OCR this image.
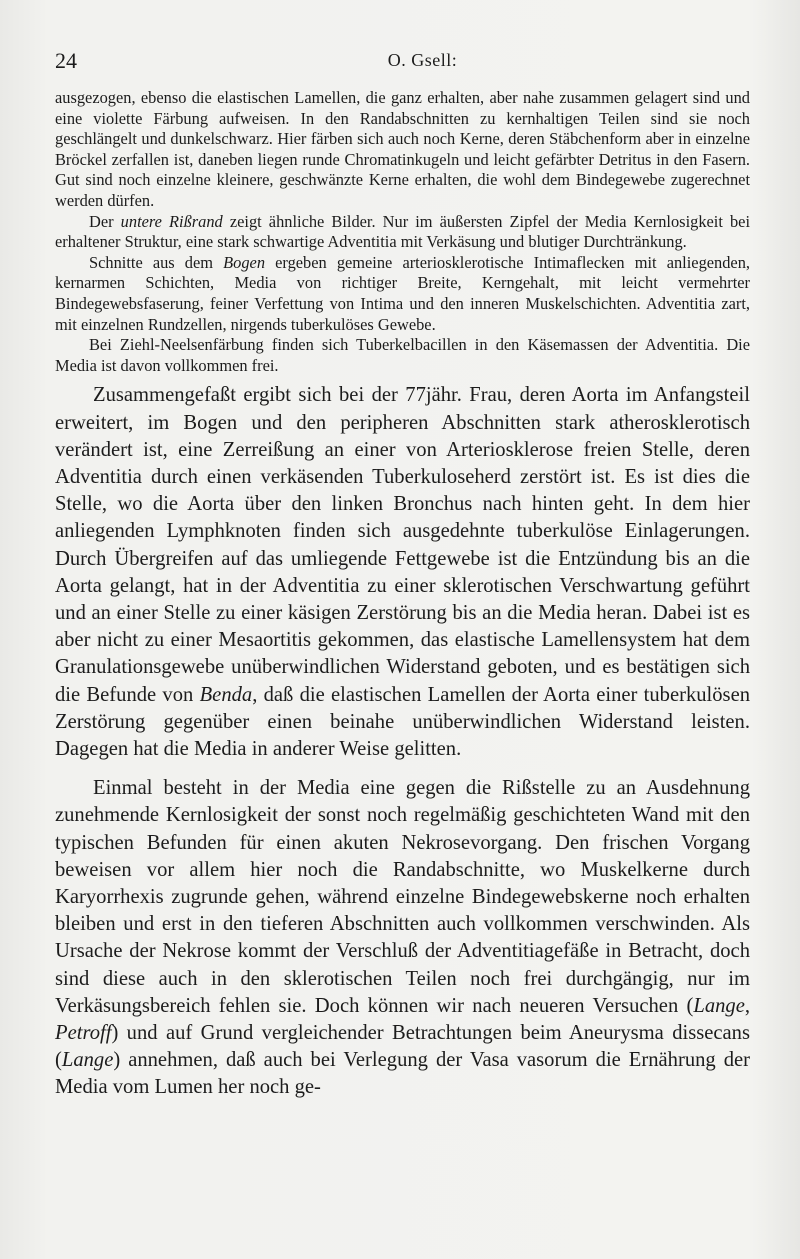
24	O. Gsell:

ausgezogen, ebenso die elastischen Lamellen, die ganz erhalten, aber nahe zusammen gelagert sind und eine violette Färbung aufweisen. In den Randabschnitten zu kernhaltigen Teilen sind sie noch geschlängelt und dunkelschwarz. Hier färben sich auch noch Kerne, deren Stäbchenform aber in einzelne Bröckel zerfallen ist, daneben liegen runde Chromatinkugeln und leicht gefärbter Detritus in den Fasern. Gut sind noch einzelne kleinere, geschwänzte Kerne erhalten, die wohl dem Bindegewebe zugerechnet werden dürfen.

Der untere Rißrand zeigt ähnliche Bilder. Nur im äußersten Zipfel der Media Kernlosigkeit bei erhaltener Struktur, eine stark schwartige Adventitia mit Verkäsung und blutiger Durchtränkung.

Schnitte aus dem Bogen ergeben gemeine arteriosklerotische Intimaflecken mit anliegenden, kernarmen Schichten, Media von richtiger Breite, Kerngehalt, mit leicht vermehrter Bindegewebsfaserung, feiner Verfettung von Intima und den inneren Muskelschichten. Adventitia zart, mit einzelnen Rundzellen, nirgends tuberkulöses Gewebe.

Bei Ziehl-Neelsenfärbung finden sich Tuberkelbacillen in den Käsemassen der Adventitia. Die Media ist davon vollkommen frei.

Zusammengefaßt ergibt sich bei der 77jähr. Frau, deren Aorta im Anfangsteil erweitert, im Bogen und den peripheren Abschnitten stark atherosklerotisch verändert ist, eine Zerreißung an einer von Arteriosklerose freien Stelle, deren Adventitia durch einen verkäsenden Tuberkuloseherd zerstört ist. Es ist dies die Stelle, wo die Aorta über den linken Bronchus nach hinten geht. In dem hier anliegenden Lymphknoten finden sich ausgedehnte tuberkulöse Einlagerungen. Durch Übergreifen auf das umliegende Fettgewebe ist die Entzündung bis an die Aorta gelangt, hat in der Adventitia zu einer sklerotischen Verschwartung geführt und an einer Stelle zu einer käsigen Zerstörung bis an die Media heran. Dabei ist es aber nicht zu einer Mesaortitis gekommen, das elastische Lamellensystem hat dem Granulationsgewebe unüberwindlichen Widerstand geboten, und es bestätigen sich die Befunde von Benda, daß die elastischen Lamellen der Aorta einer tuberkulösen Zerstörung gegenüber einen beinahe unüberwindlichen Widerstand leisten. Dagegen hat die Media in anderer Weise gelitten.

Einmal besteht in der Media eine gegen die Rißstelle zu an Ausdehnung zunehmende Kernlosigkeit der sonst noch regelmäßig geschichteten Wand mit den typischen Befunden für einen akuten Nekrosevorgang. Den frischen Vorgang beweisen vor allem hier noch die Randabschnitte, wo Muskelkerne durch Karyorrhexis zugrunde gehen, während einzelne Bindegewebskerne noch erhalten bleiben und erst in den tieferen Abschnitten auch vollkommen verschwinden. Als Ursache der Nekrose kommt der Verschluß der Adventitiagefäße in Betracht, doch sind diese auch in den sklerotischen Teilen noch frei durchgängig, nur im Verkäsungsbereich fehlen sie. Doch können wir nach neueren Versuchen (Lange, Petroff) und auf Grund vergleichender Betrachtungen beim Aneurysma dissecans (Lange) annehmen, daß auch bei Verlegung der Vasa vasorum die Ernährung der Media vom Lumen her noch ge-
